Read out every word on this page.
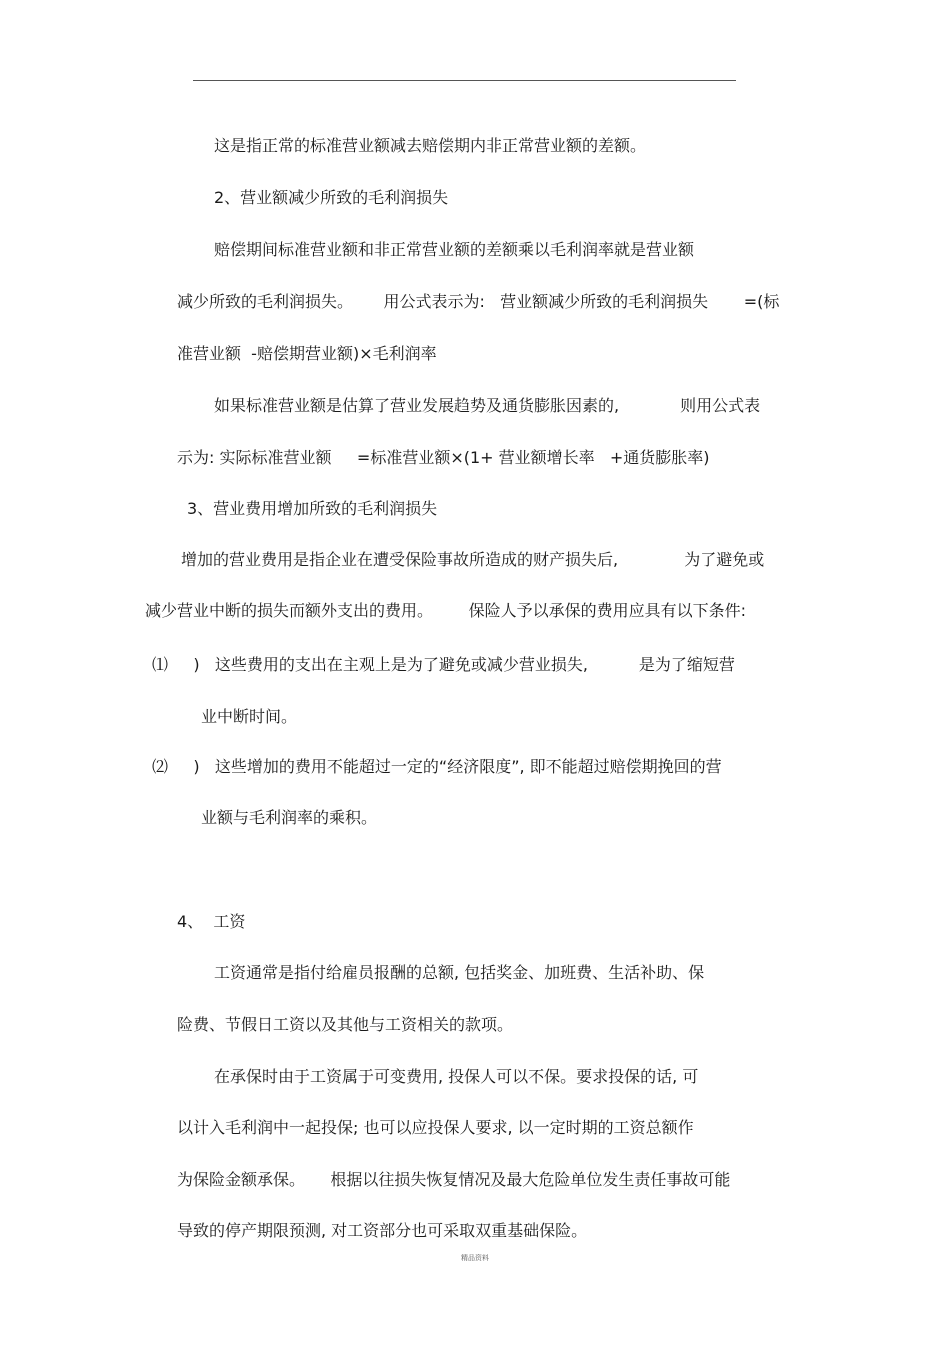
这是指正常的标准营业额减去赔偿期内非正常营业额的差额。
2、营业额减少所致的毛利润损失
赔偿期间标准营业额和非正常营业额的差额乘以毛利润率就是营业额
减少所致的毛利润损失。      用公式表示为:   营业额减少所致的毛利润损失       =(标
准营业额  -赔偿期营业额)×毛利润率
如果标准营业额是估算了营业发展趋势及通货膨胀因素的,            则用公式表
示为: 实际标准营业额     =标准营业额×(1+ 营业额增长率   +通货膨胀率)
3、营业费用增加所致的毛利润损失
增加的营业费用是指企业在遭受保险事故所造成的财产损失后,             为了避免或
减少营业中断的损失而额外支出的费用。       保险人予以承保的费用应具有以下条件:
⑴     )   这些费用的支出在主观上是为了避免或减少营业损失,          是为了缩短营
业中断时间。
⑵     )   这些增加的费用不能超过一定的“经济限度”, 即不能超过赔偿期挽回的营
业额与毛利润率的乘积。
4、  工资
工资通常是指付给雇员报酬的总额, 包括奖金、加班费、生活补助、保
险费、节假日工资以及其他与工资相关的款项。
在承保时由于工资属于可变费用, 投保人可以不保。要求投保的话, 可
以计入毛利润中一起投保; 也可以应投保人要求, 以一定时期的工资总额作
为保险金额承保。     根据以往损失恢复情况及最大危险单位发生责任事故可能
导致的停产期限预测, 对工资部分也可采取双重基础保险。
精品资料
